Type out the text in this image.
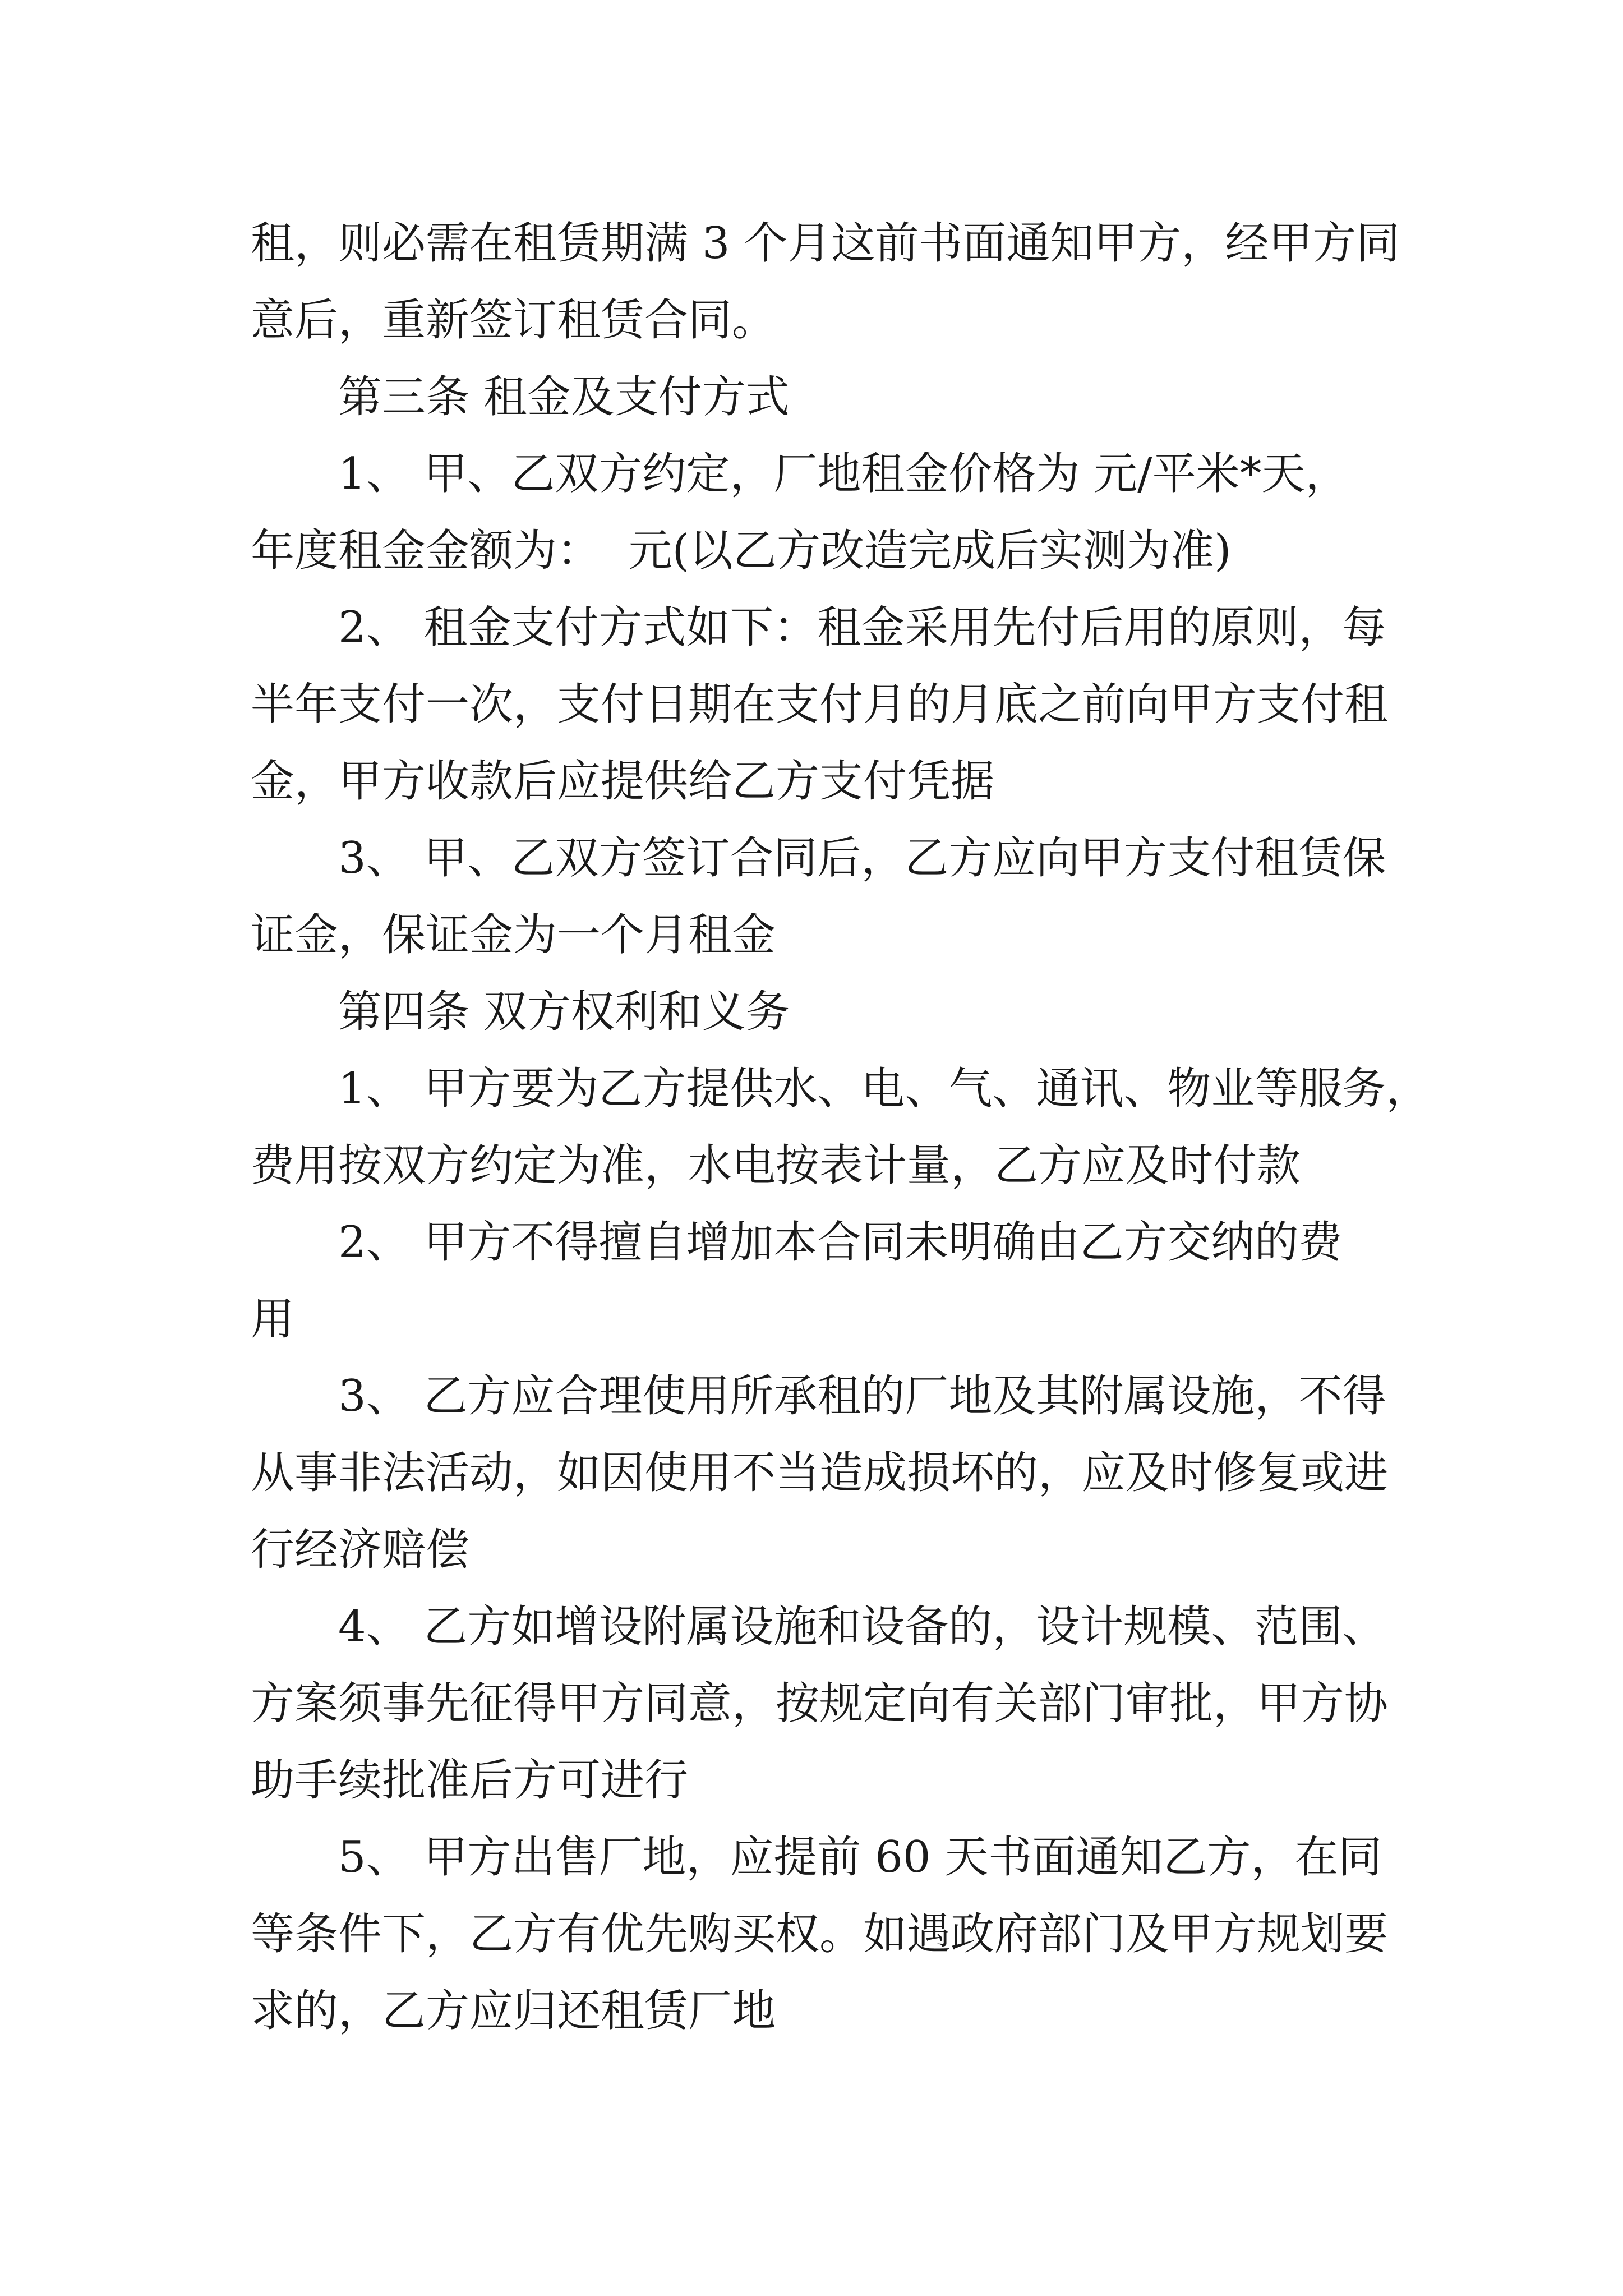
租，则必需在租赁期满 3 个月这前书面通知甲方，经甲方同
意后，重新签订租赁合同。
第三条 租金及支付方式
1、 甲、乙双方约定，厂地租金价格为 元/平米*天，
年度租金金额为：  元(以乙方改造完成后实测为准)
2、 租金支付方式如下：租金采用先付后用的原则，每
半年支付一次，支付日期在支付月的月底之前向甲方支付租
金，甲方收款后应提供给乙方支付凭据
3、 甲、乙双方签订合同后，乙方应向甲方支付租赁保
证金，保证金为一个月租金
第四条 双方权利和义务
1、 甲方要为乙方提供水、电、气、通讯、物业等服务，
费用按双方约定为准，水电按表计量，乙方应及时付款
2、 甲方不得擅自增加本合同未明确由乙方交纳的费
用
3、 乙方应合理使用所承租的厂地及其附属设施，不得
从事非法活动，如因使用不当造成损坏的，应及时修复或进
行经济赔偿
4、 乙方如增设附属设施和设备的，设计规模、范围、
方案须事先征得甲方同意，按规定向有关部门审批，甲方协
助手续批准后方可进行
5、 甲方出售厂地，应提前 60 天书面通知乙方，在同
等条件下，乙方有优先购买权。如遇政府部门及甲方规划要
求的，乙方应归还租赁厂地
